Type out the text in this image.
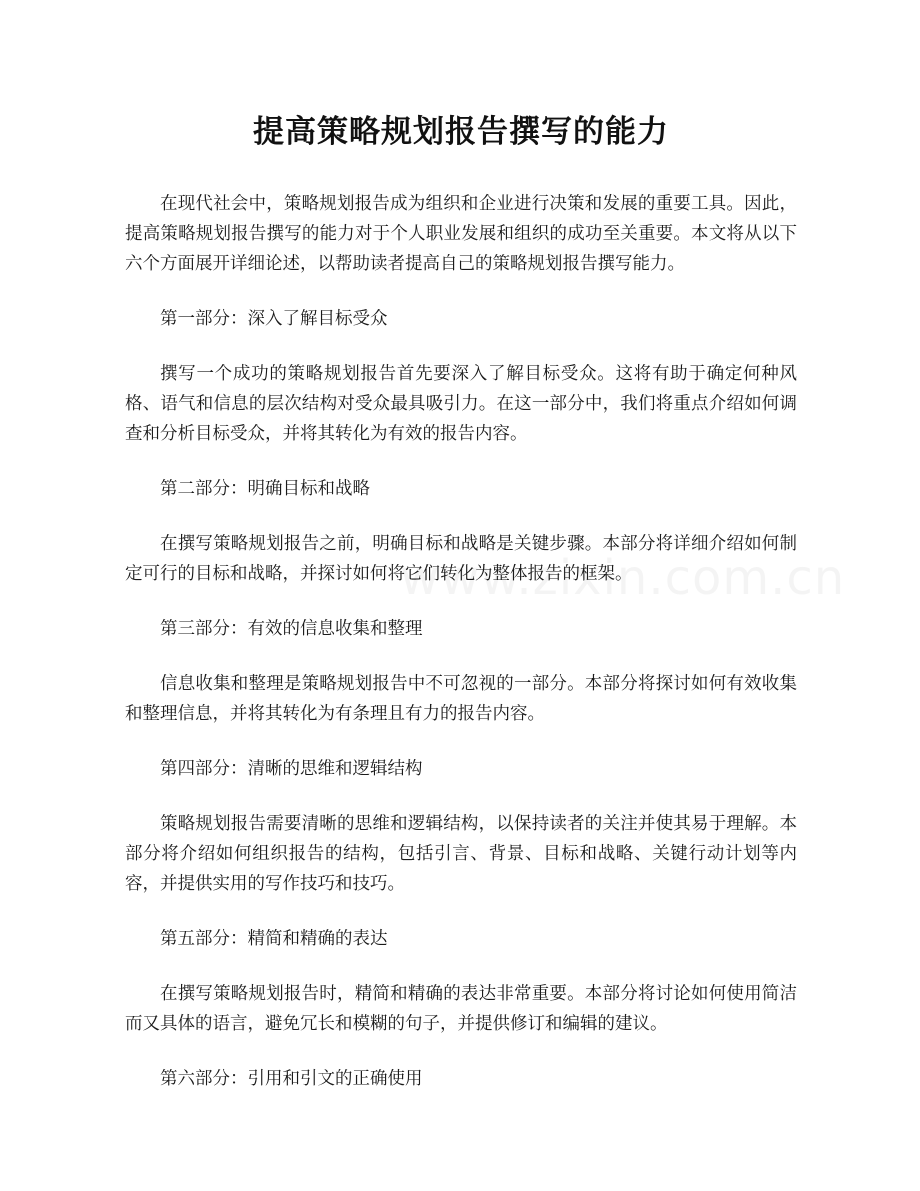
提高策略规划报告撰写的能力

在现代社会中，策略规划报告成为组织和企业进行决策和发展的重要工具。因此，提高策略规划报告撰写的能力对于个人职业发展和组织的成功至关重要。本文将从以下六个方面展开详细论述，以帮助读者提高自己的策略规划报告撰写能力。

第一部分：深入了解目标受众

撰写一个成功的策略规划报告首先要深入了解目标受众。这将有助于确定何种风格、语气和信息的层次结构对受众最具吸引力。在这一部分中，我们将重点介绍如何调查和分析目标受众，并将其转化为有效的报告内容。

第二部分：明确目标和战略

在撰写策略规划报告之前，明确目标和战略是关键步骤。本部分将详细介绍如何制定可行的目标和战略，并探讨如何将它们转化为整体报告的框架。

第三部分：有效的信息收集和整理

信息收集和整理是策略规划报告中不可忽视的一部分。本部分将探讨如何有效收集和整理信息，并将其转化为有条理且有力的报告内容。

第四部分：清晰的思维和逻辑结构

策略规划报告需要清晰的思维和逻辑结构，以保持读者的关注并使其易于理解。本部分将介绍如何组织报告的结构，包括引言、背景、目标和战略、关键行动计划等内容，并提供实用的写作技巧和技巧。

第五部分：精简和精确的表达

在撰写策略规划报告时，精简和精确的表达非常重要。本部分将讨论如何使用简洁而又具体的语言，避免冗长和模糊的句子，并提供修订和编辑的建议。

第六部分：引用和引文的正确使用
